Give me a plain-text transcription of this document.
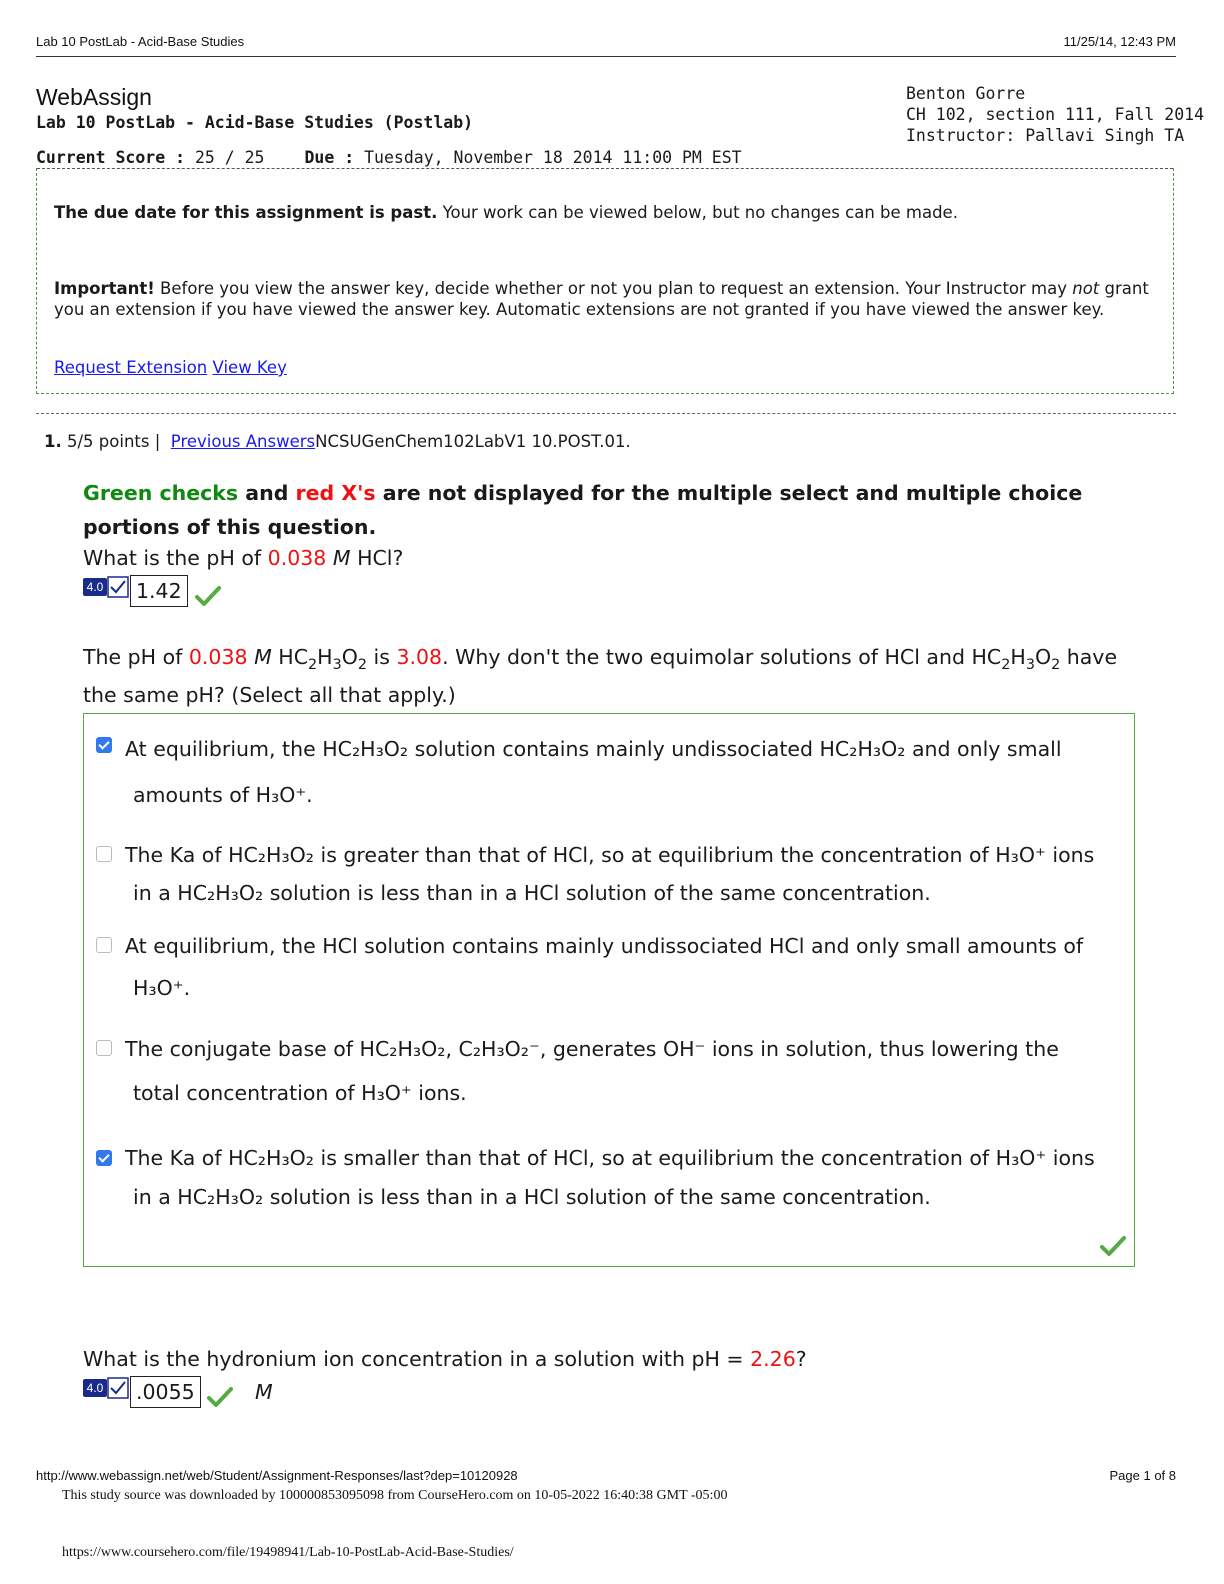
Lab 10 PostLab - Acid-Base Studies	11/25/14, 12:43 PM
WebAssign
Lab 10 PostLab - Acid-Base Studies (Postlab)
Benton Gorre
CH 102, section 111, Fall 2014
Instructor: Pallavi Singh TA
Current Score : 25 / 25 Due : Tuesday, November 18 2014 11:00 PM EST
The due date for this assignment is past. Your work can be viewed below, but no changes can be made.
Important! Before you view the answer key, decide whether or not you plan to request an extension. Your Instructor may not grant you an extension if you have viewed the answer key. Automatic extensions are not granted if you have viewed the answer key.
Request Extension View Key
1. 5/5 points | Previous AnswersNCSUGenChem102LabV1 10.POST.01.
Green checks and red X's are not displayed for the multiple select and multiple choice portions of this question.
What is the pH of 0.038 M HCl?
4.0 1.42
The pH of 0.038 M $HC_2H_3O_2$ is 3.08. Why don't the two equimolar solutions of HCl and $HC_2H_3O_2$ have
the same pH? (Select all that apply.)
At equilibrium, the HC₂H₃O₂ solution contains mainly undissociated HC₂H₃O₂ and only small
amounts of H₃O⁺.
The Ka of HC₂H₃O₂ is greater than that of HCl, so at equilibrium the concentration of H₃O⁺ ions
in a HC₂H₃O₂ solution is less than in a HCl solution of the same concentration.
At equilibrium, the HCl solution contains mainly undissociated HCl and only small amounts of
H₃O⁺.
The conjugate base of HC₂H₃O₂, C₂H₃O₂⁻, generates OH⁻ ions in solution, thus lowering the
total concentration of H₃O⁺ ions.
The Ka of HC₂H₃O₂ is smaller than that of HCl, so at equilibrium the concentration of H₃O⁺ ions
in a HC₂H₃O₂ solution is less than in a HCl solution of the same concentration.
What is the hydronium ion concentration in a solution with pH = 2.26?
4.0 .0055	M
http://www.webassign.net/web/Student/Assignment-Responses/last?dep=10120928	Page 1 of 8
This study source was downloaded by 100000853095098 from CourseHero.com on 10-05-2022 16:40:38 GMT -05:00
https://www.coursehero.com/file/19498941/Lab-10-PostLab-Acid-Base-Studies/
